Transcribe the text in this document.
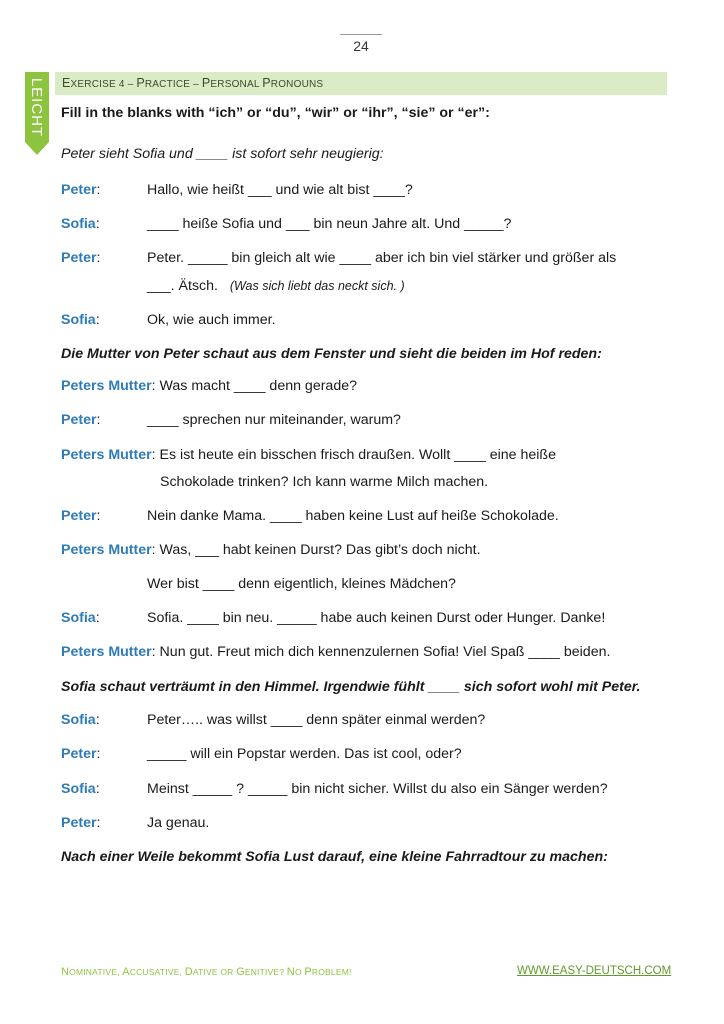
24
LEICHT EXERCISE 4 – PRACTICE – PERSONAL PRONOUNS
Fill in the blanks with “ich” or “du”, “wir” or “ihr”, “sie” or “er”:
Peter sieht Sofia und ____ ist sofort sehr neugierig:
Peter:	Hallo, wie heißt ___ und wie alt bist ____?
Sofia:	____ heiße Sofia und ___ bin neun Jahre alt. Und _____?
Peter:	Peter. _____ bin gleich alt wie ____ aber ich bin viel stärker und größer als
___. Ätsch. (Was sich liebt das neckt sich. )
Sofia:	Ok, wie auch immer.
Die Mutter von Peter schaut aus dem Fenster und sieht die beiden im Hof reden:
Peters Mutter: Was macht ____ denn gerade?
Peter:	____ sprechen nur miteinander, warum?
Peters Mutter: Es ist heute ein bisschen frisch draußen. Wollt ____ eine heiße
Schokolade trinken? Ich kann warme Milch machen.
Peter:	Nein danke Mama. ____ haben keine Lust auf heiße Schokolade.
Peters Mutter: Was, ___ habt keinen Durst? Das gibt’s doch nicht.
Wer bist ____ denn eigentlich, kleines Mädchen?
Sofia:	Sofia. ____ bin neu. _____ habe auch keinen Durst oder Hunger. Danke!
Peters Mutter: Nun gut. Freut mich dich kennenzulernen Sofia! Viel Spaß ____ beiden.
Sofia schaut verträumt in den Himmel. Irgendwie fühlt ____ sich sofort wohl mit Peter.
Sofia:	Peter….. was willst ____ denn später einmal werden?
Peter:	_____ will ein Popstar werden. Das ist cool, oder?
Sofia:	Meinst _____ ? _____ bin nicht sicher. Willst du also ein Sänger werden?
Peter:	Ja genau.
Nach einer Weile bekommt Sofia Lust darauf, eine kleine Fahrradtour zu machen:
NOMINATIVE, ACCUSATIVE, DATIVE OR GENITIVE? NO PROBLEM!	WWW.EASY-DEUTSCH.COM
